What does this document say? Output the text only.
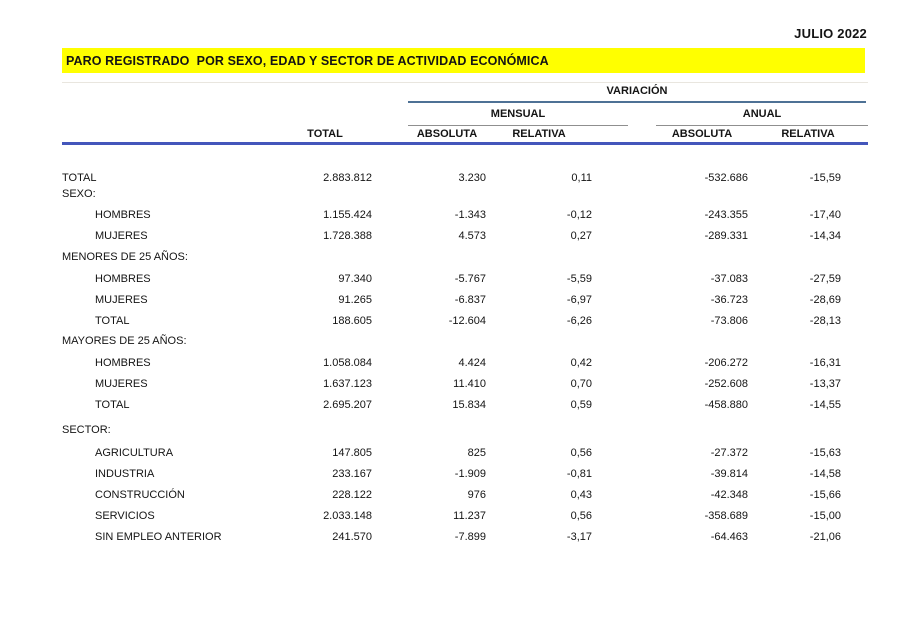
JULIO 2022
PARO REGISTRADO  POR SEXO, EDAD Y SECTOR DE ACTIVIDAD ECONÓMICA
VARIACIÓN
MENSUAL	ANUAL
	TOTAL		ABSOLUTA	RELATIVA		ABSOLUTA	RELATIVA
TOTAL	2.883.812		3.230	0,11		-532.686	-15,59
SEXO:							
HOMBRES	1.155.424		-1.343	-0,12		-243.355	-17,40
MUJERES	1.728.388		4.573	0,27		-289.331	-14,34
MENORES DE 25 AÑOS:							
HOMBRES	97.340		-5.767	-5,59		-37.083	-27,59
MUJERES	91.265		-6.837	-6,97		-36.723	-28,69
TOTAL	188.605		-12.604	-6,26		-73.806	-28,13
MAYORES DE 25 AÑOS:							
HOMBRES	1.058.084		4.424	0,42		-206.272	-16,31
MUJERES	1.637.123		11.410	0,70		-252.608	-13,37
TOTAL	2.695.207		15.834	0,59		-458.880	-14,55
SECTOR:							
AGRICULTURA	147.805		825	0,56		-27.372	-15,63
INDUSTRIA	233.167		-1.909	-0,81		-39.814	-14,58
CONSTRUCCIÓN	228.122		976	0,43		-42.348	-15,66
SERVICIOS	2.033.148		11.237	0,56		-358.689	-15,00
SIN EMPLEO ANTERIOR	241.570		-7.899	-3,17		-64.463	-21,06
